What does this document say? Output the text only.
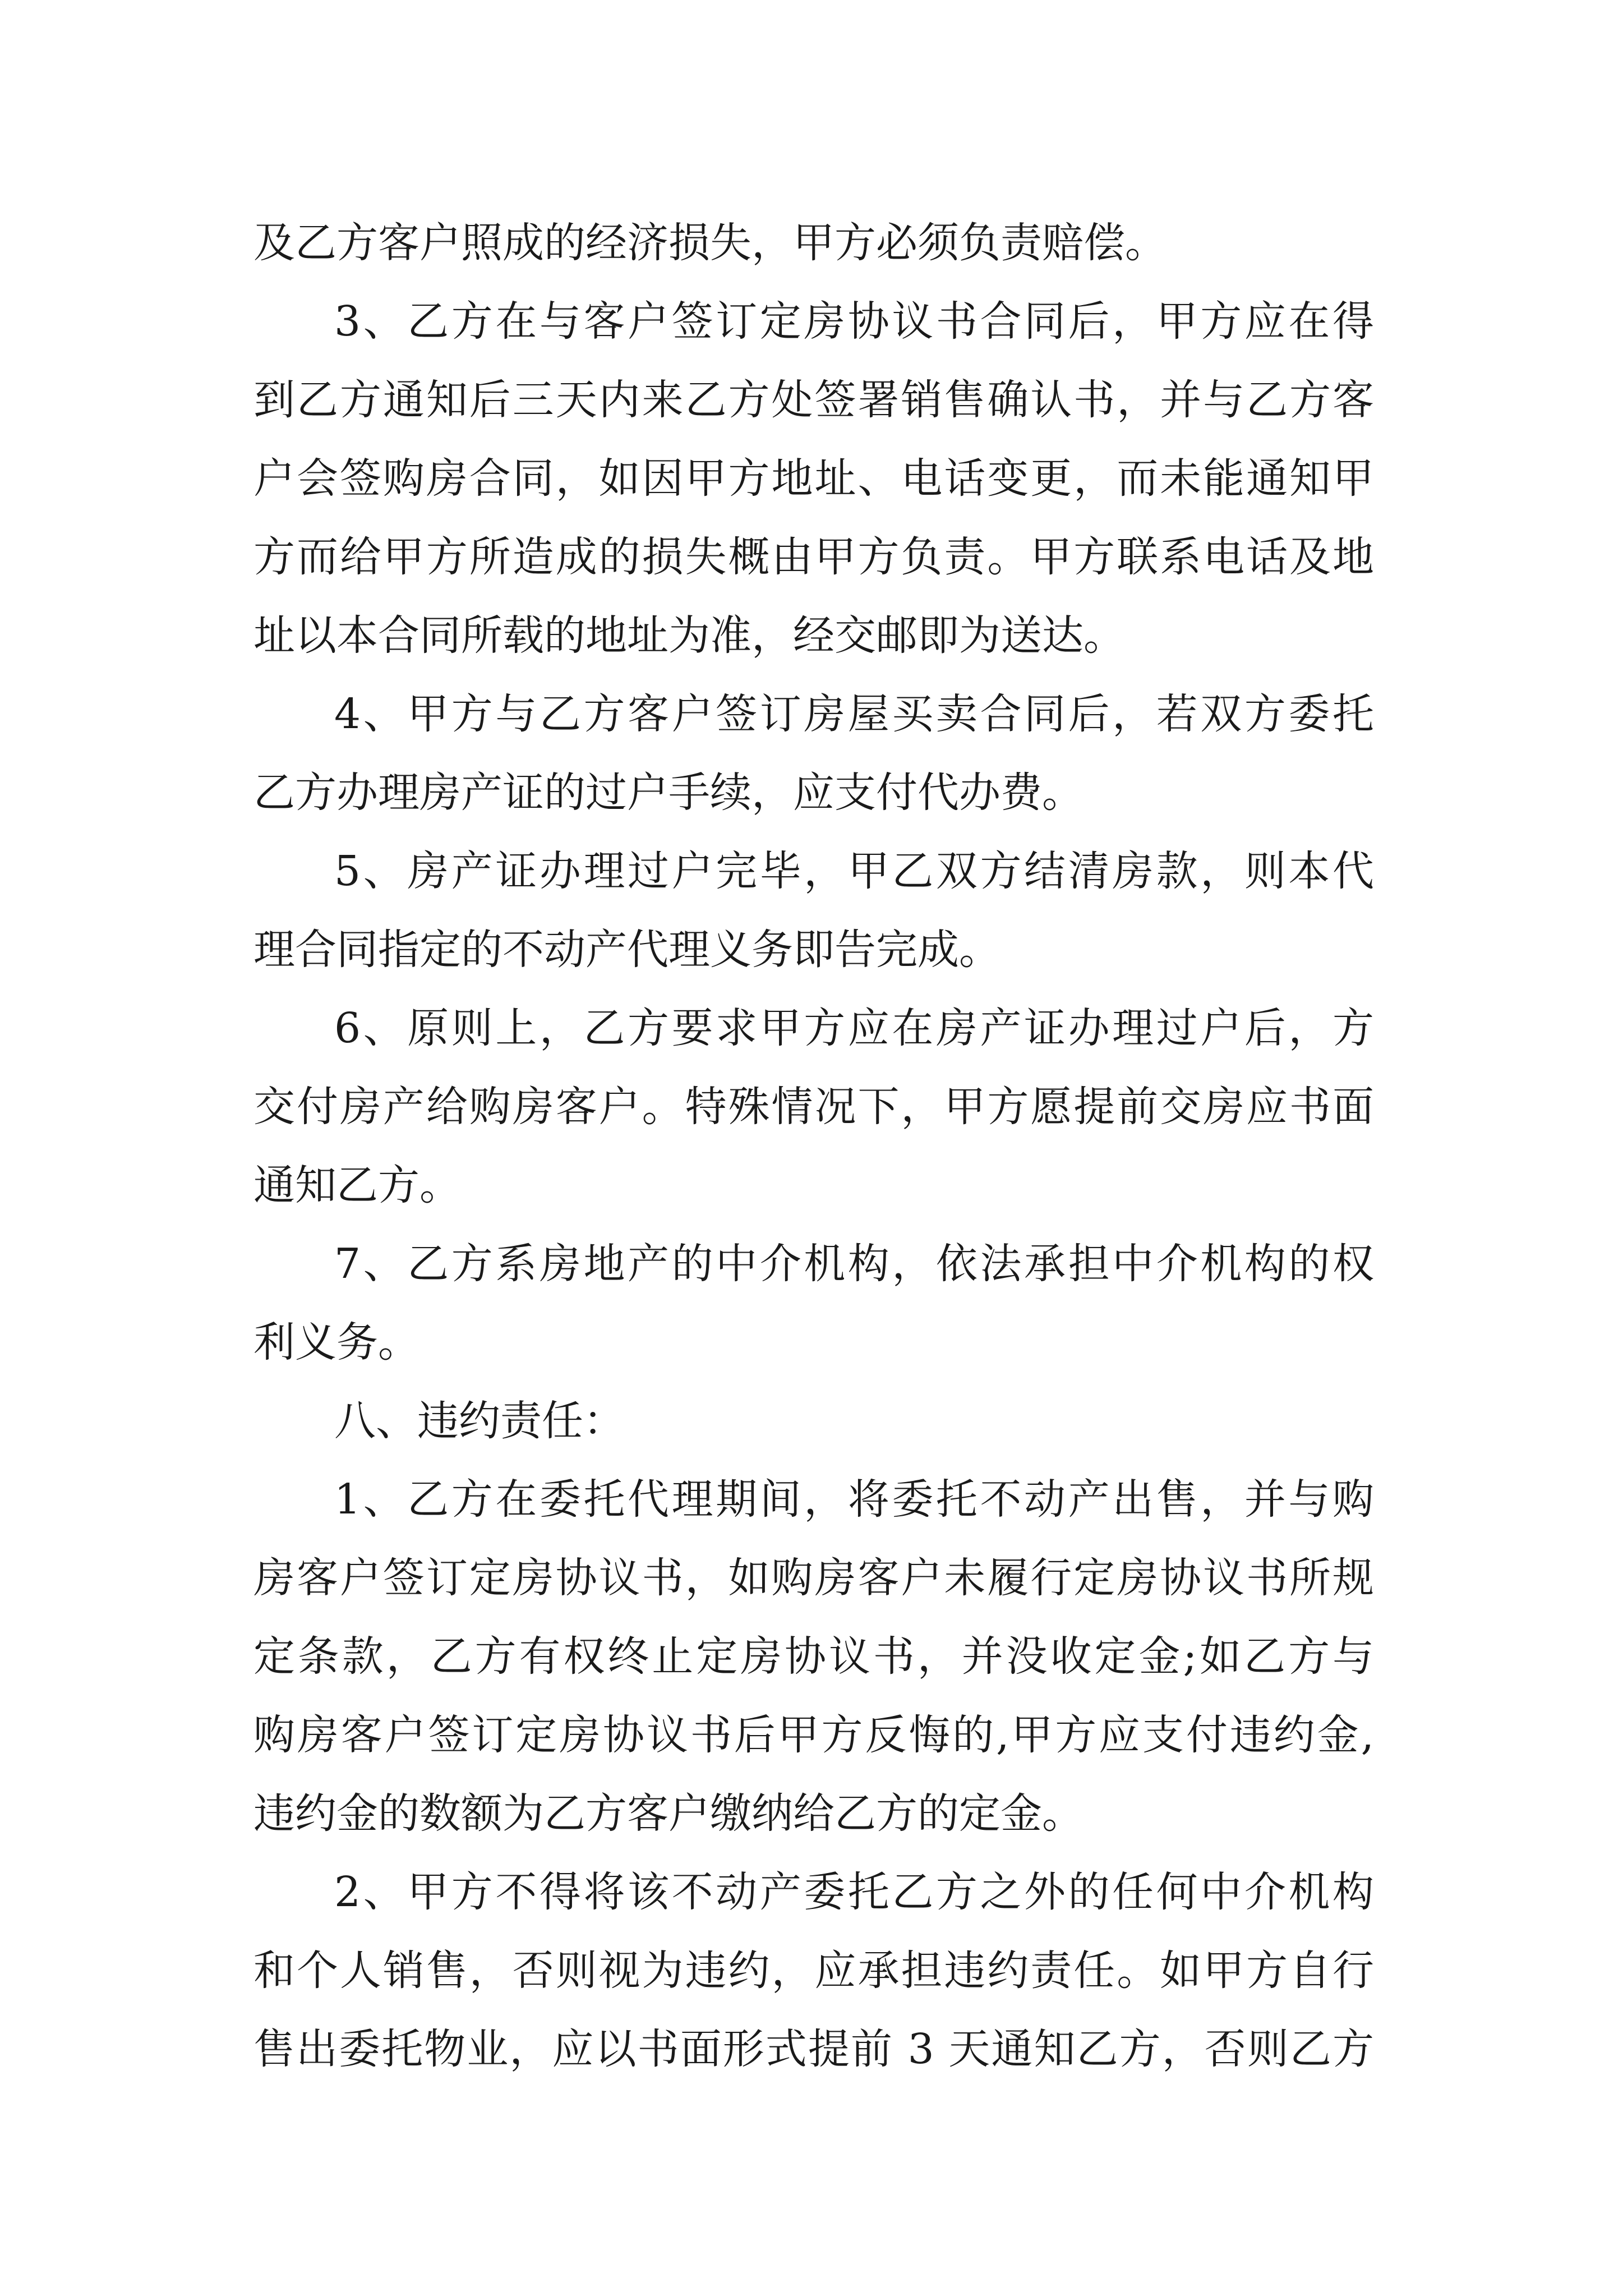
及乙方客户照成的经济损失，甲方必须负责赔偿。

3、乙方在与客户签订定房协议书合同后，甲方应在得

到乙方通知后三天内来乙方处签署销售确认书，并与乙方客

户会签购房合同，如因甲方地址、电话变更，而未能通知甲

方而给甲方所造成的损失概由甲方负责。甲方联系电话及地

址以本合同所载的地址为准，经交邮即为送达。

4、甲方与乙方客户签订房屋买卖合同后，若双方委托

乙方办理房产证的过户手续，应支付代办费。

5、房产证办理过户完毕，甲乙双方结清房款，则本代

理合同指定的不动产代理义务即告完成。

6、原则上，乙方要求甲方应在房产证办理过户后，方

交付房产给购房客户。特殊情况下，甲方愿提前交房应书面

通知乙方。

7、乙方系房地产的中介机构，依法承担中介机构的权

利义务。

八、违约责任：

1、乙方在委托代理期间，将委托不动产出售，并与购

房客户签订定房协议书，如购房客户未履行定房协议书所规

定条款，乙方有权终止定房协议书，并没收定金;如乙方与

购房客户签订定房协议书后甲方反悔的,甲方应支付违约金,

违约金的数额为乙方客户缴纳给乙方的定金。

2、甲方不得将该不动产委托乙方之外的任何中介机构

和个人销售，否则视为违约，应承担违约责任。如甲方自行

售出委托物业，应以书面形式提前 3 天通知乙方，否则乙方
